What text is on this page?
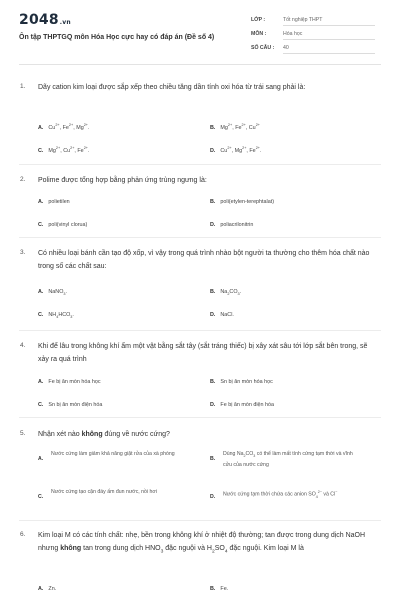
2048.vn
Ôn tập THPTGQ môn Hóa Học cực hay có đáp án (Đề số 4)
LỚP :	Tốt nghiệp THPT
MÔN :	Hóa học
SỐ CÂU :	40
1. Dãy cation kim loại được sắp xếp theo chiều tăng dần tính oxi hóa từ trái sang phải là:
A. $Cu^{2+}$, $Fe^{2+}$, $Mg^{2+}$.	B. $Mg^{2+}$, $Fe^{2+}$, $Cu^{2+}$
C. $Mg^{2+}$, $Cu^{2+}$, $Fe^{2+}$.	D. $Cu^{2+}$, $Mg^{2+}$, $Fe^{2+}$.
2. Polime được tổng hợp bằng phản ứng trùng ngưng là:
A. polietilen	B. poli(etylen-terephtalat)
C. poli(vinyl clorua)	D. poliacrilonitrin
3. Có nhiều loại bánh cần tạo độ xốp, vì vậy trong quá trình nhào bột người ta thường cho thêm hóa chất nào trong số các chất sau:
A. NaNO$_3$.	B. $Na_2CO_3$.
C. $NH_4HCO_3$.	D. NaCl.
4. Khi để lâu trong không khí ẩm một vật bằng sắt tây (sắt tráng thiếc) bị xây xát sâu tới lớp sắt bên trong, sẽ xảy ra quá trình
A. Fe bị ăn mòn hóa học	B. Sn bị ăn mòn hóa học
C. Sn bị ăn mòn điện hóa	D. Fe bị ăn mòn điện hóa
5. Nhận xét nào không đúng về nước cứng?
A.
Nước cứng làm giảm khả năng giặt rửa của xà phòng
B.
Dùng $Na_2CO_3$ có thể làm mất tính cứng tạm thời và vĩnh cửu của nước cứng
C.
Nước cứng tạo cặn đáy ấm đun nước, nồi hơi
D. Nước cứng tạm thời chứa các anion $SO_4^{2-}$ và Cl−
6. Kim loại M có các tính chất: nhẹ, bền trong không khí ở nhiệt độ thường; tan được trong dung dịch NaOH nhưng không tan trong dung dịch $HNO_3$ đặc nguội và $H_2SO_4$ đặc nguội. Kim loại M là
A. Zn.	B. Fe.
